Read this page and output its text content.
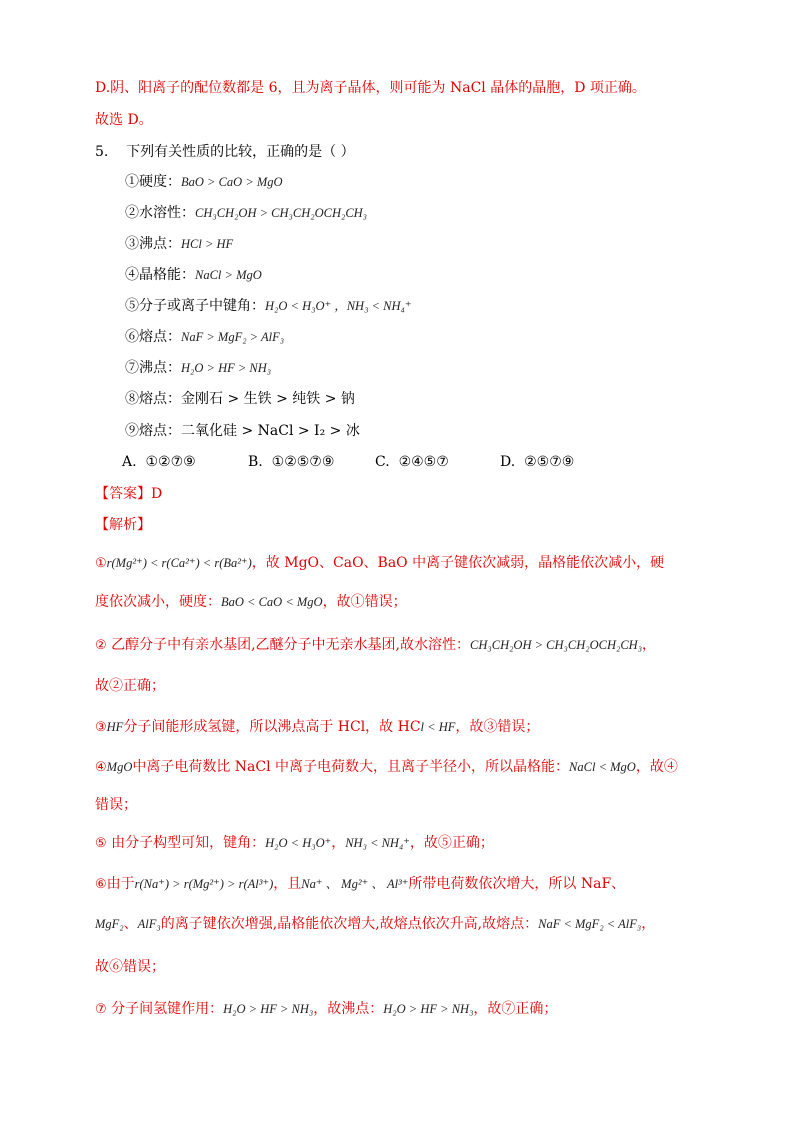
D.阴、阳离子的配位数都是 6，且为离子晶体，则可能为 NaCl 晶体的晶胞，D 项正确。
故选 D。
5. 下列有关性质的比较，正确的是（ ）
①硬度：BaO > CaO > MgO
②水溶性：CH₃CH₂OH > CH₃CH₂OCH₂CH₃
③沸点：HCl > HF
④晶格能：NaCl > MgO
⑤分子或离子中键角：H₂O < H₃O⁺ ，NH₃ < NH₄⁺
⑥熔点：NaF > MgF₂ > AlF₃
⑦沸点：H₂O > HF > NH₃
⑧熔点：金刚石 > 生铁 > 纯铁 > 钠
⑨熔点：二氧化硅 > NaCl > I₂ > 冰
A. ①②⑦⑨	B. ①②⑤⑦⑨	C. ②④⑤⑦	D. ②⑤⑦⑨
【答案】D
【解析】
①r(Mg²⁺) < r(Ca²⁺) < r(Ba²⁺)，故 MgO、CaO、BaO 中离子键依次减弱，晶格能依次减小，硬
度依次减小，硬度：BaO < CaO < MgO，故①错误；
② 乙醇分子中有亲水基团,乙醚分子中无亲水基团,故水溶性：CH₃CH₂OH > CH₃CH₂OCH₂CH₃，
故②正确；
③HF分子间能形成氢键，所以沸点高于 HCl，故 HCl < HF，故③错误；
④MgO中离子电荷数比 NaCl 中离子电荷数大，且离子半径小，所以晶格能：NaCl < MgO，故④
错误；
⑤ 由分子构型可知，键角：H₂O < H₃O⁺，NH₃ < NH₄⁺，故⑤正确；
⑥由于r(Na⁺) > r(Mg²⁺) > r(Al³⁺)，且Na⁺ 、 Mg²⁺ 、 Al³⁺所带电荷数依次增大，所以 NaF、
MgF₂、AlF₃的离子键依次增强,晶格能依次增大,故熔点依次升高,故熔点：NaF < MgF₂ < AlF₃，
故⑥错误；
⑦ 分子间氢键作用：H₂O > HF > NH₃，故沸点：H₂O > HF > NH₃，故⑦正确；
